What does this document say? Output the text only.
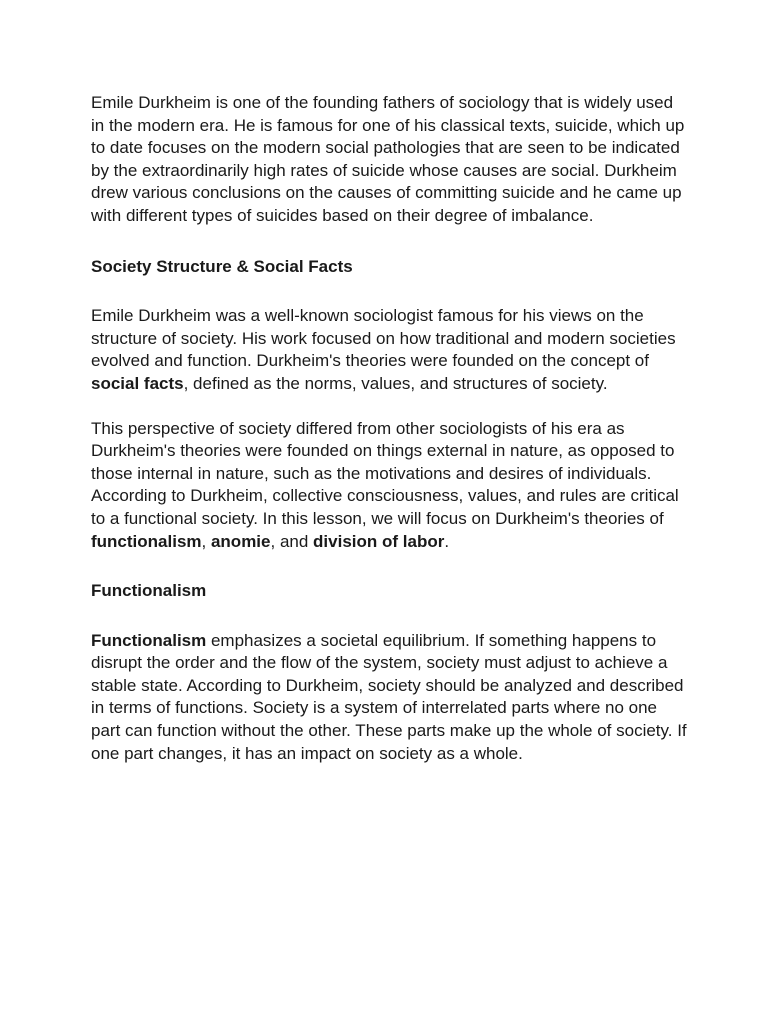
Emile Durkheim is one of the founding fathers of sociology that is widely used in the modern era. He is famous for one of his classical texts, suicide, which up to date focuses on the modern social pathologies that are seen to be indicated by the extraordinarily high rates of suicide whose causes are social. Durkheim drew various conclusions on the causes of committing suicide and he came up with different types of suicides based on their degree of imbalance.

Society Structure & Social Facts

Emile Durkheim was a well-known sociologist famous for his views on the structure of society. His work focused on how traditional and modern societies evolved and function. Durkheim's theories were founded on the concept of social facts, defined as the norms, values, and structures of society.

This perspective of society differed from other sociologists of his era as Durkheim's theories were founded on things external in nature, as opposed to those internal in nature, such as the motivations and desires of individuals. According to Durkheim, collective consciousness, values, and rules are critical to a functional society. In this lesson, we will focus on Durkheim's theories of functionalism, anomie, and division of labor.

Functionalism

Functionalism emphasizes a societal equilibrium. If something happens to disrupt the order and the flow of the system, society must adjust to achieve a stable state. According to Durkheim, society should be analyzed and described in terms of functions. Society is a system of interrelated parts where no one part can function without the other. These parts make up the whole of society. If one part changes, it has an impact on society as a whole.
